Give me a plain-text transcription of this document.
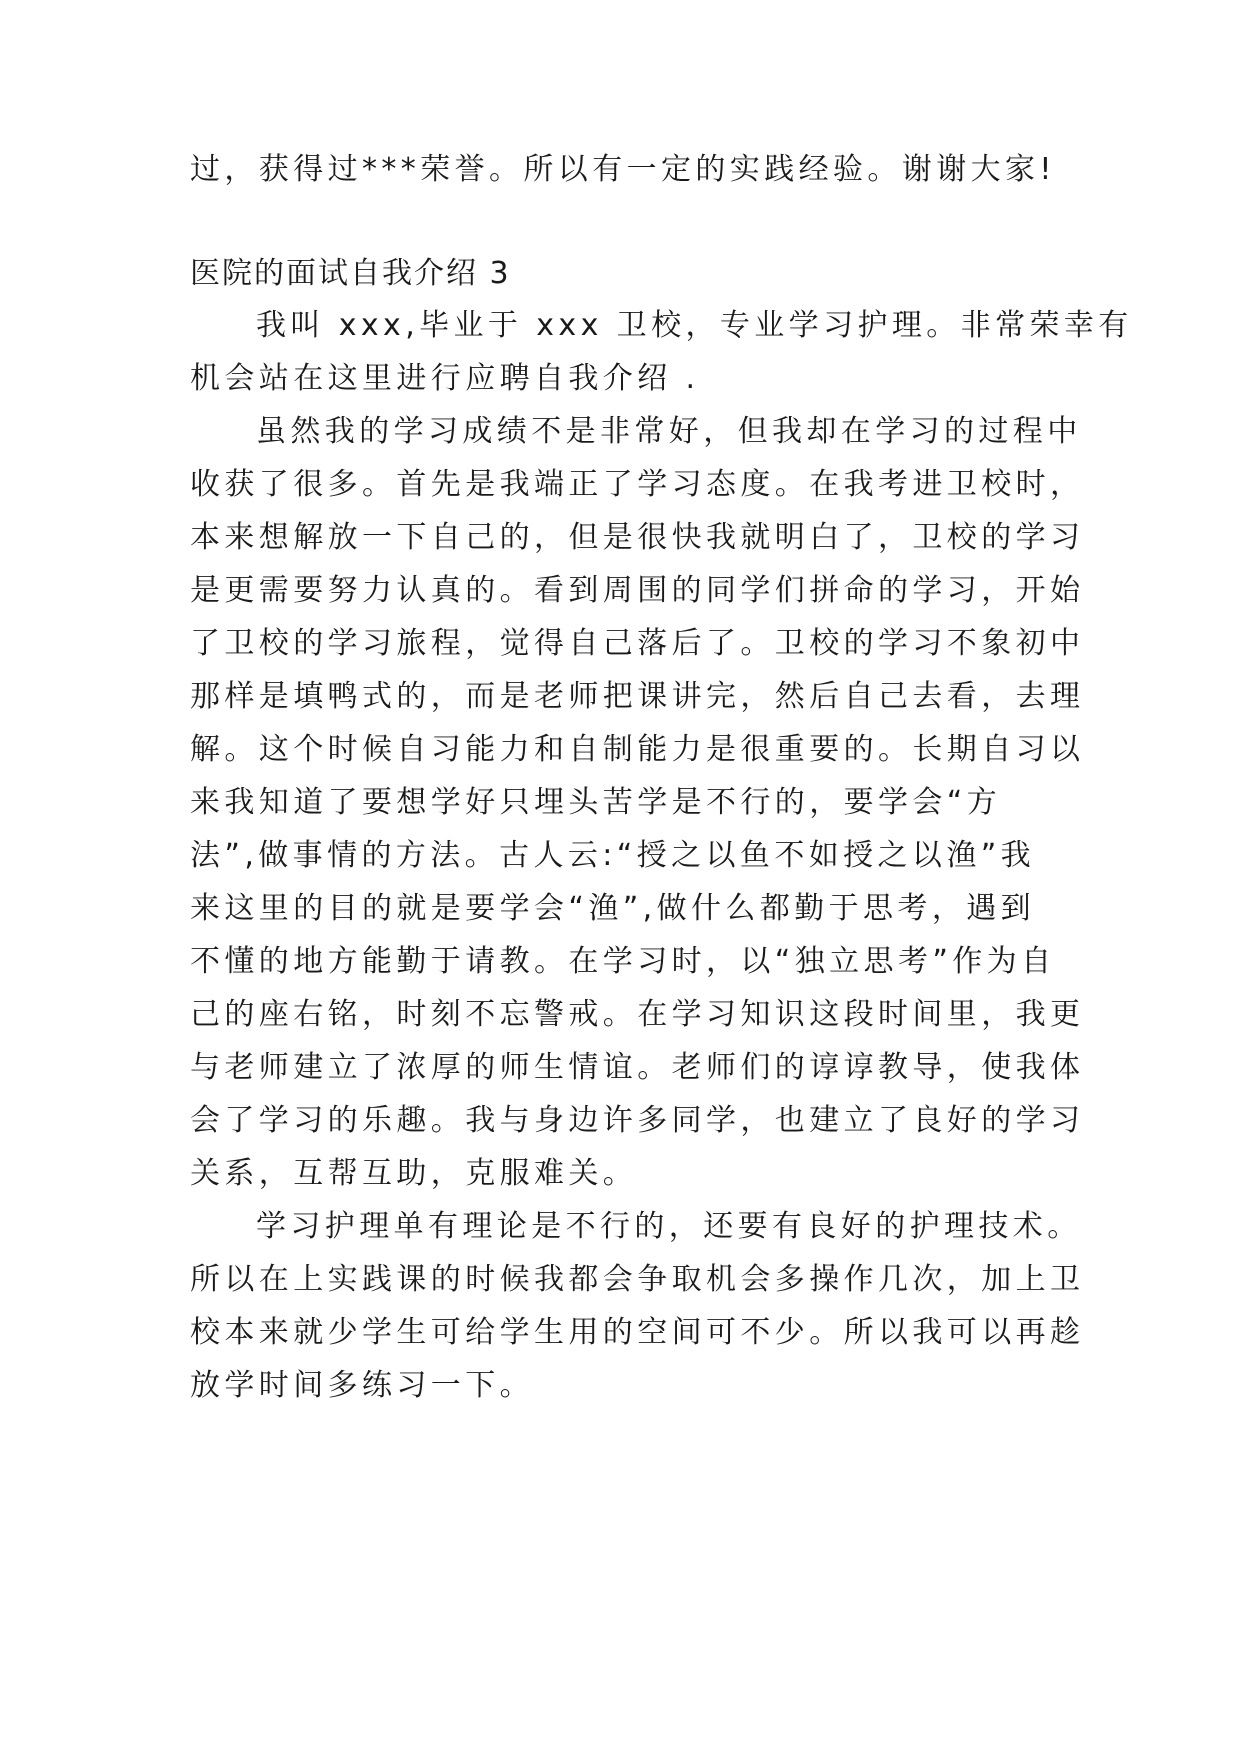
过，获得过***荣誉。所以有一定的实践经验。谢谢大家!
医院的面试自我介绍 3
我叫 xxx,毕业于 xxx 卫校，专业学习护理。非常荣幸有
机会站在这里进行应聘自我介绍 .
虽然我的学习成绩不是非常好，但我却在学习的过程中
收获了很多。首先是我端正了学习态度。在我考进卫校时，
本来想解放一下自己的，但是很快我就明白了，卫校的学习
是更需要努力认真的。看到周围的同学们拼命的学习，开始
了卫校的学习旅程，觉得自己落后了。卫校的学习不象初中
那样是填鸭式的，而是老师把课讲完，然后自己去看，去理
解。这个时候自习能力和自制能力是很重要的。长期自习以
来我知道了要想学好只埋头苦学是不行的，要学会“方
法”,做事情的方法。古人云:“授之以鱼不如授之以渔”我
来这里的目的就是要学会“渔”,做什么都勤于思考，遇到
不懂的地方能勤于请教。在学习时，以“独立思考”作为自
己的座右铭，时刻不忘警戒。在学习知识这段时间里，我更
与老师建立了浓厚的师生情谊。老师们的谆谆教导，使我体
会了学习的乐趣。我与身边许多同学，也建立了良好的学习
关系，互帮互助，克服难关。
学习护理单有理论是不行的，还要有良好的护理技术。
所以在上实践课的时候我都会争取机会多操作几次，加上卫
校本来就少学生可给学生用的空间可不少。所以我可以再趁
放学时间多练习一下。
